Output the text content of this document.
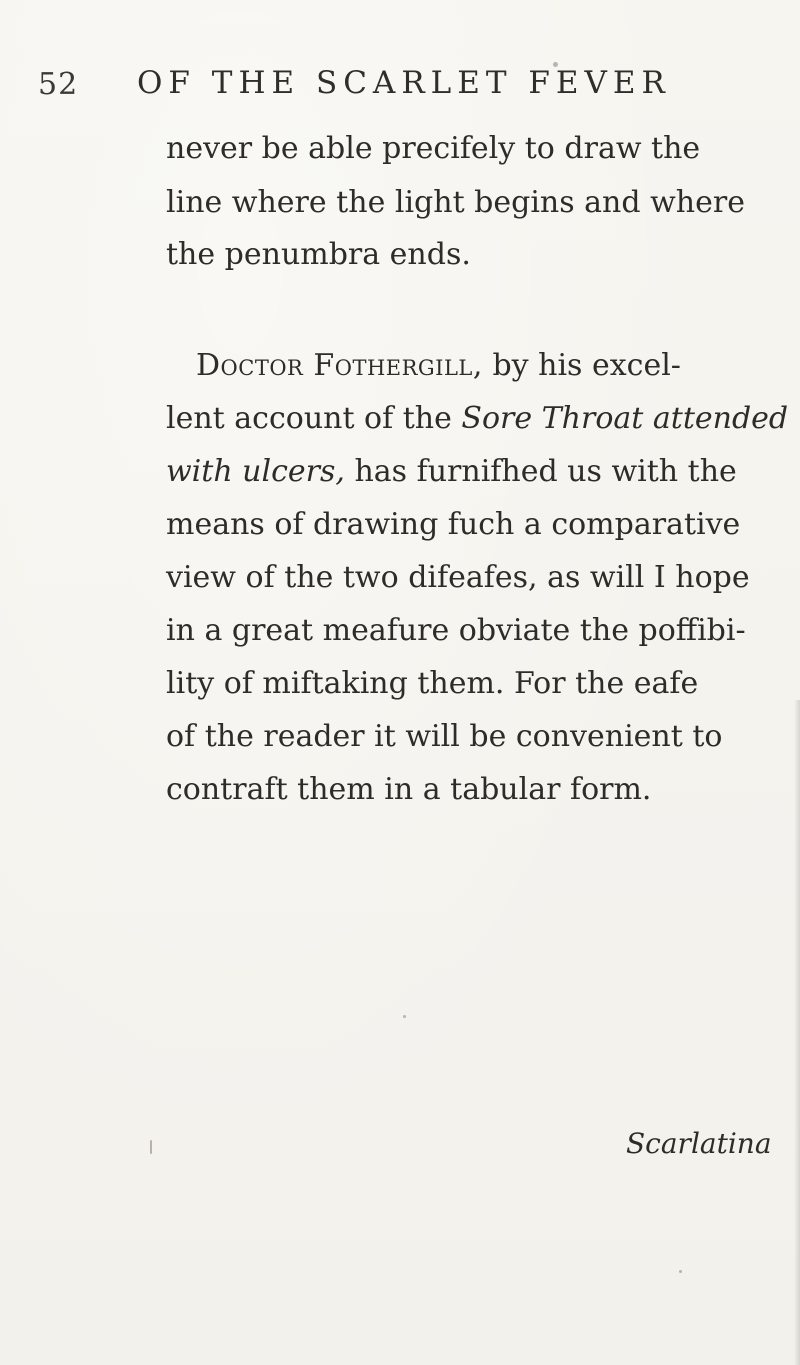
52 OF THE SCARLET FEVER

never be able precifely to draw the

line where the light begins and where

the penumbra ends.

Doctor Fothergill, by his excel-

lent account of the Sore Throat attended

with ulcers, has furnifhed us with the

means of drawing fuch a comparative

view of the two difeafes, as will I hope

in a great meafure obviate the poffibi-

lity of miftaking them. For the eafe

of the reader it will be convenient to

contraft them in a tabular form.

Scarlatina
